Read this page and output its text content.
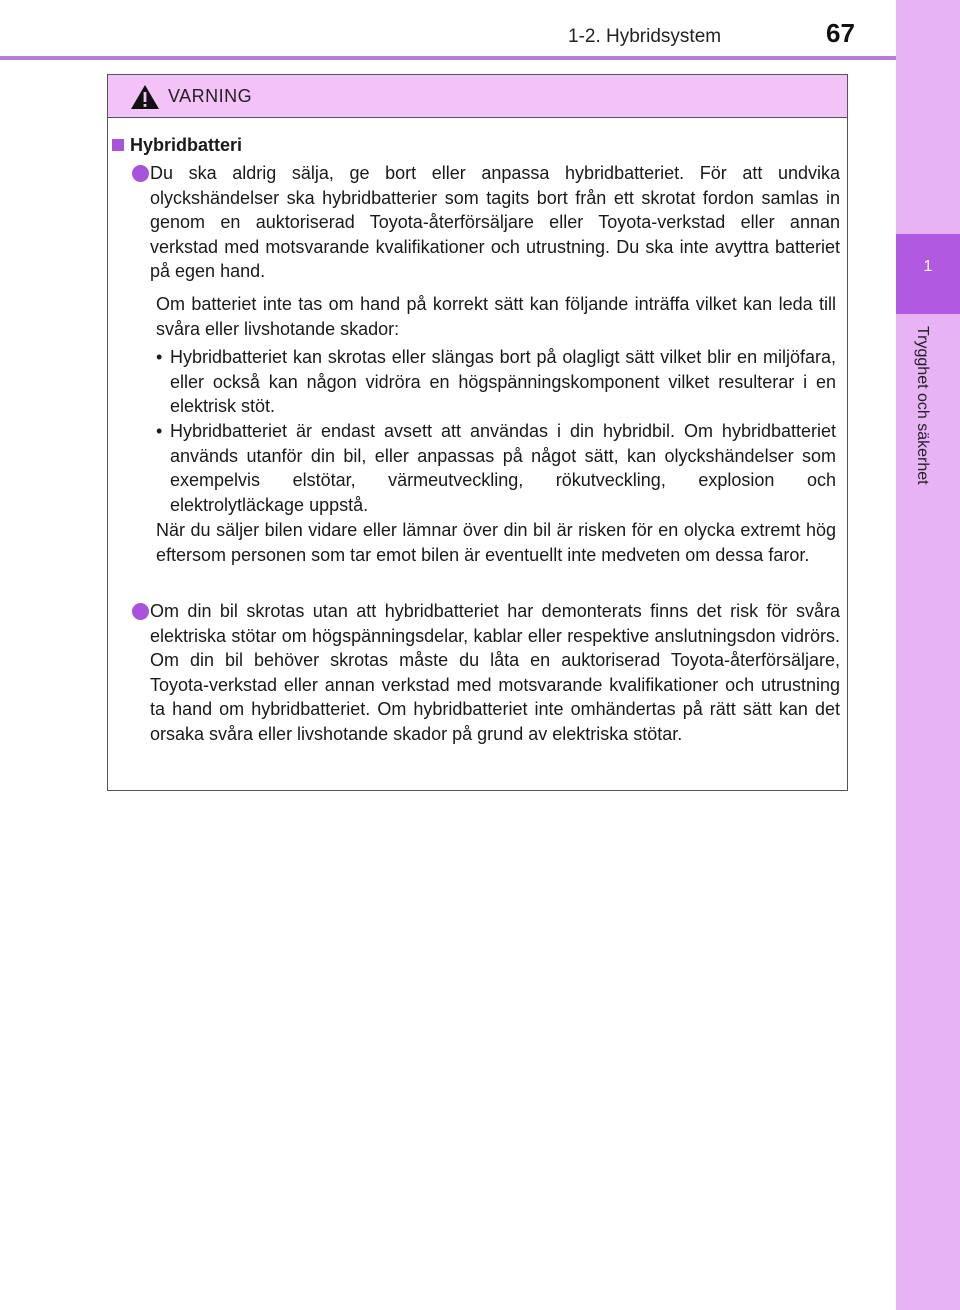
1-2. Hybridsystem	67
1
Trygghet och säkerhet
VARNING
Hybridbatteri
Du ska aldrig sälja, ge bort eller anpassa hybridbatteriet. För att undvika olyckshändelser ska hybridbatterier som tagits bort från ett skrotat fordon samlas in genom en auktoriserad Toyota-återförsäljare eller Toyota-verkstad eller annan verkstad med motsvarande kvalifikationer och utrustning. Du ska inte avyttra batteriet på egen hand.
Om batteriet inte tas om hand på korrekt sätt kan följande inträffa vilket kan leda till svåra eller livshotande skador:
• Hybridbatteriet kan skrotas eller slängas bort på olagligt sätt vilket blir en miljöfara, eller också kan någon vidröra en högspänningskomponent vilket resulterar i en elektrisk stöt.
• Hybridbatteriet är endast avsett att användas i din hybridbil. Om hybridbatteriet används utanför din bil, eller anpassas på något sätt, kan olyckshändelser som exempelvis elstötar, värmeutveckling, rökutveckling, explosion och elektrolytläckage uppstå.
När du säljer bilen vidare eller lämnar över din bil är risken för en olycka extremt hög eftersom personen som tar emot bilen är eventuellt inte medveten om dessa faror.
Om din bil skrotas utan att hybridbatteriet har demonterats finns det risk för svåra elektriska stötar om högspänningsdelar, kablar eller respektive anslutningsdon vidrörs. Om din bil behöver skrotas måste du låta en auktoriserad Toyota-återförsäljare, Toyota-verkstad eller annan verkstad med motsvarande kvalifikationer och utrustning ta hand om hybridbatteriet. Om hybridbatteriet inte omhändertas på rätt sätt kan det orsaka svåra eller livshotande skador på grund av elektriska stötar.
